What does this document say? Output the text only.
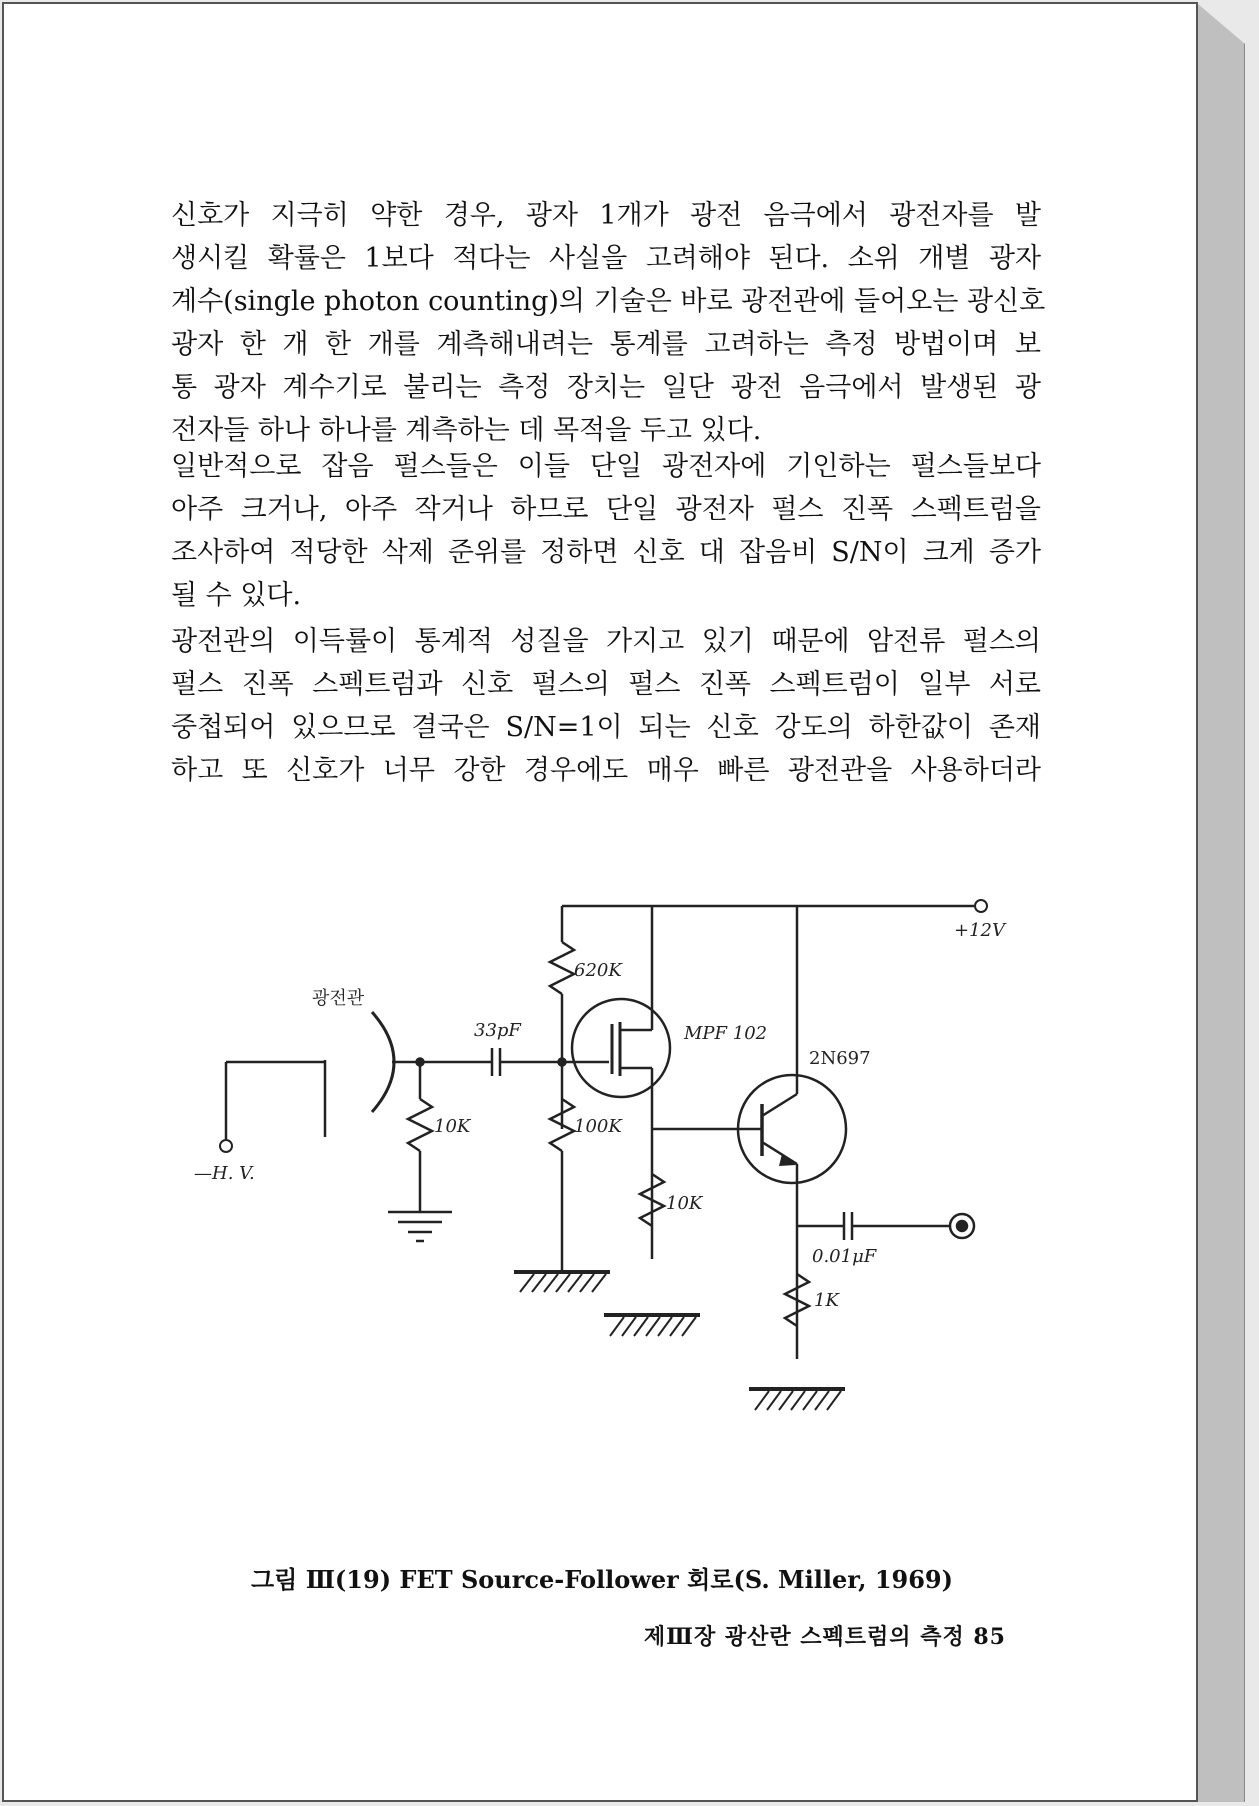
신호가 지극히 약한 경우, 광자 1개가 광전 음극에서 광전자를 발
생시킬 확률은 1보다 적다는 사실을 고려해야 된다. 소위 개별 광자
계수(single photon counting)의 기술은 바로 광전관에 들어오는 광신호
광자 한 개 한 개를 계측해내려는 통계를 고려하는 측정 방법이며 보
통 광자 계수기로 불리는 측정 장치는 일단 광전 음극에서 발생된 광
전자들 하나 하나를 계측하는 데 목적을 두고 있다.
일반적으로 잡음 펄스들은 이들 단일 광전자에 기인하는 펄스들보다
아주 크거나, 아주 작거나 하므로 단일 광전자 펄스 진폭 스펙트럼을
조사하여 적당한 삭제 준위를 정하면 신호 대 잡음비 S/N이 크게 증가
될 수 있다.
광전관의 이득률이 통계적 성질을 가지고 있기 때문에 암전류 펄스의
펄스 진폭 스펙트럼과 신호 펄스의 펄스 진폭 스펙트럼이 일부 서로
중첩되어 있으므로 결국은 S/N=1이 되는 신호 강도의 하한값이 존재
하고 또 신호가 너무 강한 경우에도 매우 빠른 광전관을 사용하더라
광전관
—H. V.
33pF
620K
10K	100K
MPF 102
2N697
10K
+12V
0.01μF
1K
그림 Ⅲ(19) FET Source-Follower 회로(S. Miller, 1969)
제Ⅲ장 광산란 스펙트럼의 측정 85
